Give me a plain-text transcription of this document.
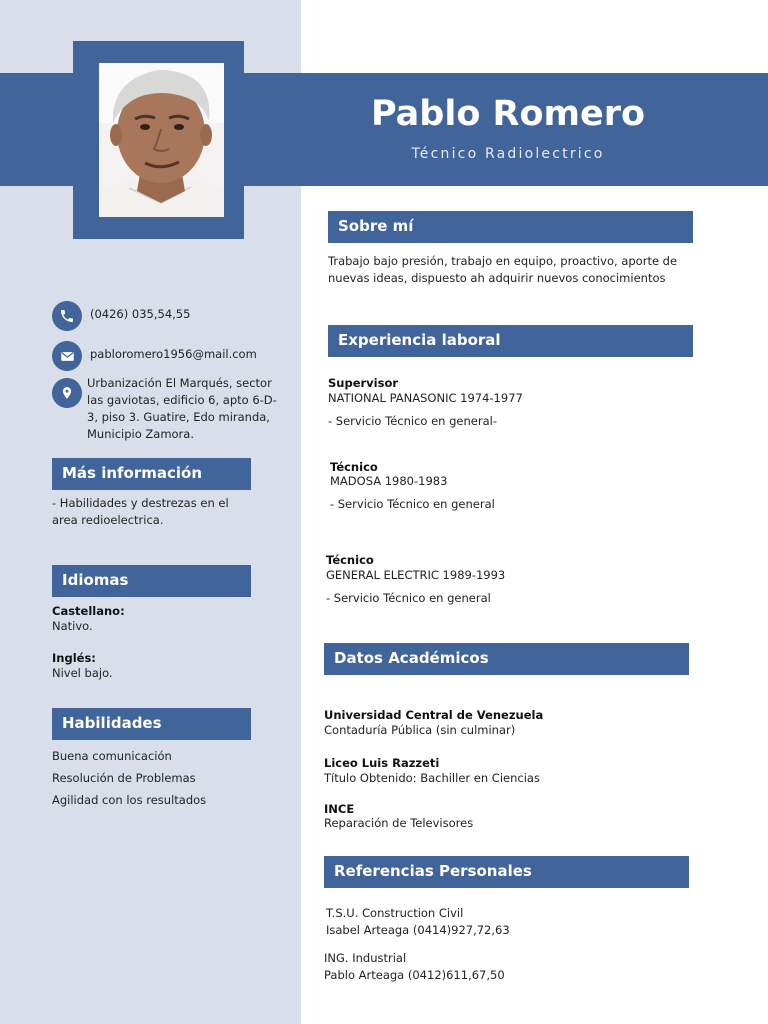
Pablo Romero
Técnico Radiolectrico
(0426) 035,54,55
pabloromero1956@mail.com
Urbanización El Marqués, sector las gaviotas, edificio 6, apto 6-D-3, piso 3. Guatire, Edo miranda, Municipio Zamora.
Más información
- Habilidades y destrezas en el area redioelectrica.
Idiomas
Castellano:
Nativo.
Inglés:
Nivel bajo.
Habilidades
Buena comunicación
Resolución de Problemas
Agilidad con los resultados
Sobre mí
Trabajo bajo presión, trabajo en equipo, proactivo, aporte de nuevas ideas, dispuesto ah adquirir nuevos conocimientos
Experiencia laboral
Supervisor
NATIONAL PANASONIC 1974-1977
- Servicio Técnico en general-
Técnico
MADOSA 1980-1983
- Servicio Técnico en general
Técnico
GENERAL ELECTRIC 1989-1993
- Servicio Técnico en general
Datos Académicos
Universidad Central de Venezuela
Contaduría Pública (sin culminar)
Liceo Luis Razzeti
Título Obtenido: Bachiller en Ciencias
INCE
Reparación de Televisores
Referencias Personales
T.S.U. Construction Civil
Isabel Arteaga (0414)927,72,63
ING. Industrial
Pablo Arteaga (0412)611,67,50
